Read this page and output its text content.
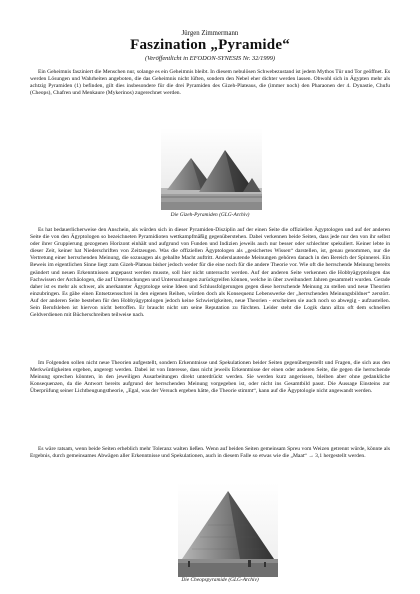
Jürgen Zimmermann
Faszination „Pyramide“
(Veröffentlicht in EFODON-SYNESIS Nr. 32/1999)

Ein Geheimnis fasziniert die Menschen nur, solange es ein Geheimnis bleibt. In diesem nebulösen Schwebezustand ist jedem Mythos Tür und Tor geöffnet. Es werden Lösungen und Wahrheiten angeboten, die das Geheimnis nicht lüften, sondern den Nebel eher dichter werden lassen. Obwohl sich in Ägypten mehr als achtzig Pyramiden (1) befinden, gilt dies insbesondere für die drei Pyramiden des Gizeh-Plateaus, die (immer noch) den Pharaonen der 4. Dynastie, Chufu (Cheops), Chafren und Menkaure (Mykerinos) zugerechnet werden.

Die Gizeh-Pyramiden (GLG-Archiv)

Es hat bedauerlicherweise den Anschein, als würden sich in dieser Pyramiden-Disziplin auf der einen Seite die offiziellen Ägyptologen und auf der anderen Seite die von den Ägyptologen so bezeichneten Pyramidioten wettkampfmäßig gegenüberstehen. Dabei verkennen beide Seiten, dass jede nur den von ihr selbst oder ihrer Gruppierung gezogenen Horizont einhält und aufgrund von Funden und Indizien jeweils auch nur besser oder schlechter spekuliert. Keiner lebte in dieser Zeit, keiner hat Niederschriften von Zeitzeugen. Was die offiziellen Ägyptologen als „gesichertes Wissen“ darstellen, ist, genau genommen, nur die Vertretung einer herrschenden Meinung, die sozusagen als geballte Macht auftritt. Anderslautende Meinungen gehören danach in den Bereich der Spinnerei. Ein Beweis im eigentlichen Sinne liegt zum Gizeh-Plateau bisher jedoch weder für die eine noch für die andere Theorie vor. Wie oft die herrschende Meinung bereits geändert und neuen Erkenntnissen angepasst werden musste, soll hier nicht untersucht werden. Auf der anderen Seite verkennen die Hobbyägyptologen das Fachwissen der Archäologen, die auf Untersuchungen und Untersuchungen zurückgreifen können, welche in über zweihundert Jahren gesammelt wurden. Gerade daher ist es mehr als schwer, als anerkannter Ägyptologe seine Ideen und Schlussfolgerungen gegen diese herrschende Meinung zu stellen und neue Theorien einzubringen. Es gäbe einen Entsetzensschrei in den eigenen Reihen, würden doch als Konsequenz Lebenswerke der „herrschenden Meinungsbildner“ zerstört. Auf der anderen Seite bestehen für den Hobbyägyptologen jedoch keine Schwierigkeiten, neue Theorien - erscheinen sie auch noch so abwegig - aufzustellen. Sein Berufsleben ist hiervon nicht betroffen. Er braucht nicht um seine Reputation zu fürchten. Leider steht die Logik dann allzu oft dem schnellen Geldverdienen mit Bücherschreiben teilweise nach.

Im Folgenden sollen nicht neue Theorien aufgestellt, sondern Erkenntnisse und Spekulationen beider Seiten gegenübergestellt und Fragen, die sich aus den Merkwürdigkeiten ergeben, angeregt werden. Dabei ist von Interesse, dass nicht jeweils Erkenntnisse der einen oder anderen Seite, die gegen die herrschende Meinung sprechen könnten, in den jeweiligen Ausarbeitungen direkt unterdrückt werden. Sie werden kurz angerissen, bleiben aber ohne gedankliche Konsequenzen, da die Antwort bereits aufgrund der herrschenden Meinung vorgegeben ist, oder nicht ins Gesamtbild passt. Die Aussage Einsteins zur Überprüfung seiner Lichtbeugungstheorie, „Egal, was der Versuch ergeben hätte, die Theorie stimmt“, kann auf die Ägyptologie nicht angewandt werden.

Es wäre ratsam, wenn beide Seiten erheblich mehr Toleranz walten ließen. Wenn auf beiden Seiten gemeinsam Spreu vom Weizen getrennt würde, könnte als Ergebnis, durch gemeinsames Abwägen aller Erkenntnisse und Spekulationen, auch in diesem Falle so etwas wie die „Maat“ → 3,1 hergestellt werden.

Die Cheopspyramide (GLG-Archiv)
